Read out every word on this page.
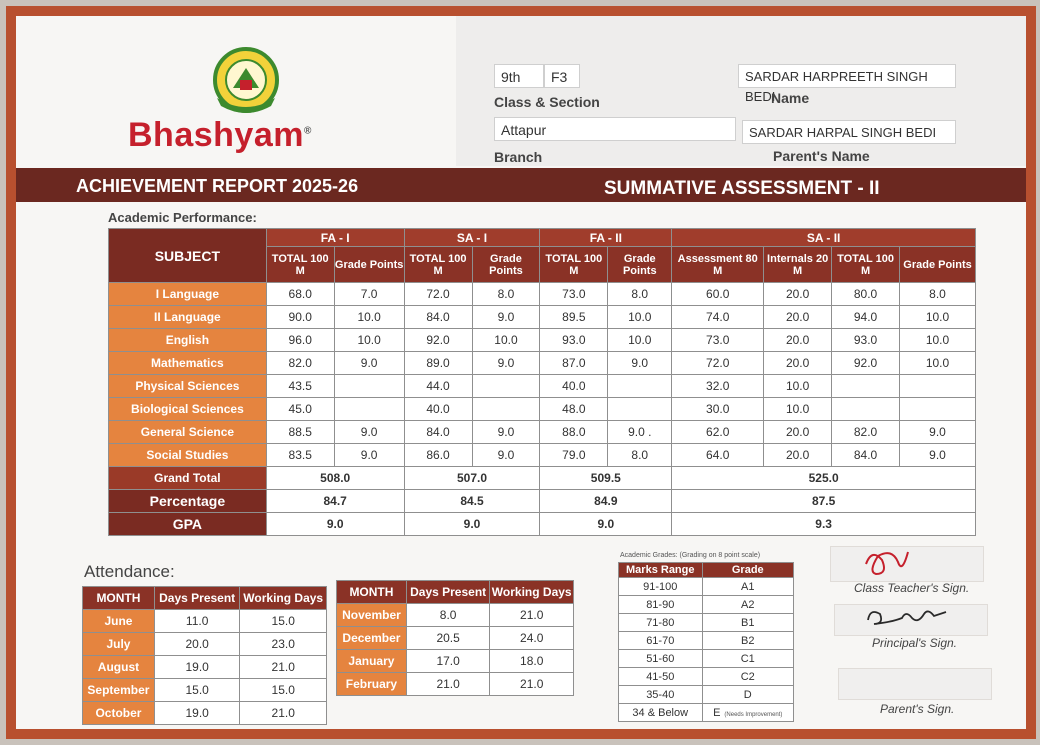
Bhashyam®
9th	F3
Class & Section
SARDAR HARPREETH SINGH BEDI
Name
Attapur
Branch
SARDAR HARPAL SINGH BEDI
Parent's Name
ACHIEVEMENT REPORT 2025-26	SUMMATIVE ASSESSMENT - II
Academic Performance:
SUBJECT	FA - I		SA - I		FA - II		SA - II			
	TOTAL 100 M	Grade Points	TOTAL 100 M	Grade Points	TOTAL 100 M	Grade Points	Assessment 80 M	Internals 20 M	TOTAL 100 M	Grade Points
I Language	68.0	7.0	72.0	8.0	73.0	8.0	60.0	20.0	80.0	8.0
II Language	90.0	10.0	84.0	9.0	89.5	10.0	74.0	20.0	94.0	10.0
English	96.0	10.0	92.0	10.0	93.0	10.0	73.0	20.0	93.0	10.0
Mathematics	82.0	9.0	89.0	9.0	87.0	9.0	72.0	20.0	92.0	10.0
Physical Sciences	43.5		44.0		40.0		32.0	10.0		
Biological Sciences	45.0		40.0		48.0		30.0	10.0		
General Science	88.5	9.0	84.0	9.0	88.0	9.0 .	62.0	20.0	82.0	9.0
Social Studies	83.5	9.0	86.0	9.0	79.0	8.0	64.0	20.0	84.0	9.0
Grand Total	508.0		507.0		509.5		525.0			
Percentage	84.7		84.5		84.9		87.5			
GPA	9.0		9.0		9.0		9.3			
Attendance:
MONTH	Days Present	Working Days
June	11.0	15.0
July	20.0	23.0
August	19.0	21.0
September	15.0	15.0
October	19.0	21.0
MONTH	Days Present	Working Days
November	8.0	21.0
December	20.5	24.0
January	17.0	18.0
February	21.0	21.0
Academic Grades: (Grading on 8 point scale)
Marks Range	Grade
91-100	A1
81-90	A2
71-80	B1
61-70	B2
51-60	C1
41-50	C2
35-40	D
34 & Below	E (Needs Improvement)
Class Teacher's Sign.
Principal's Sign.
Parent's Sign.
